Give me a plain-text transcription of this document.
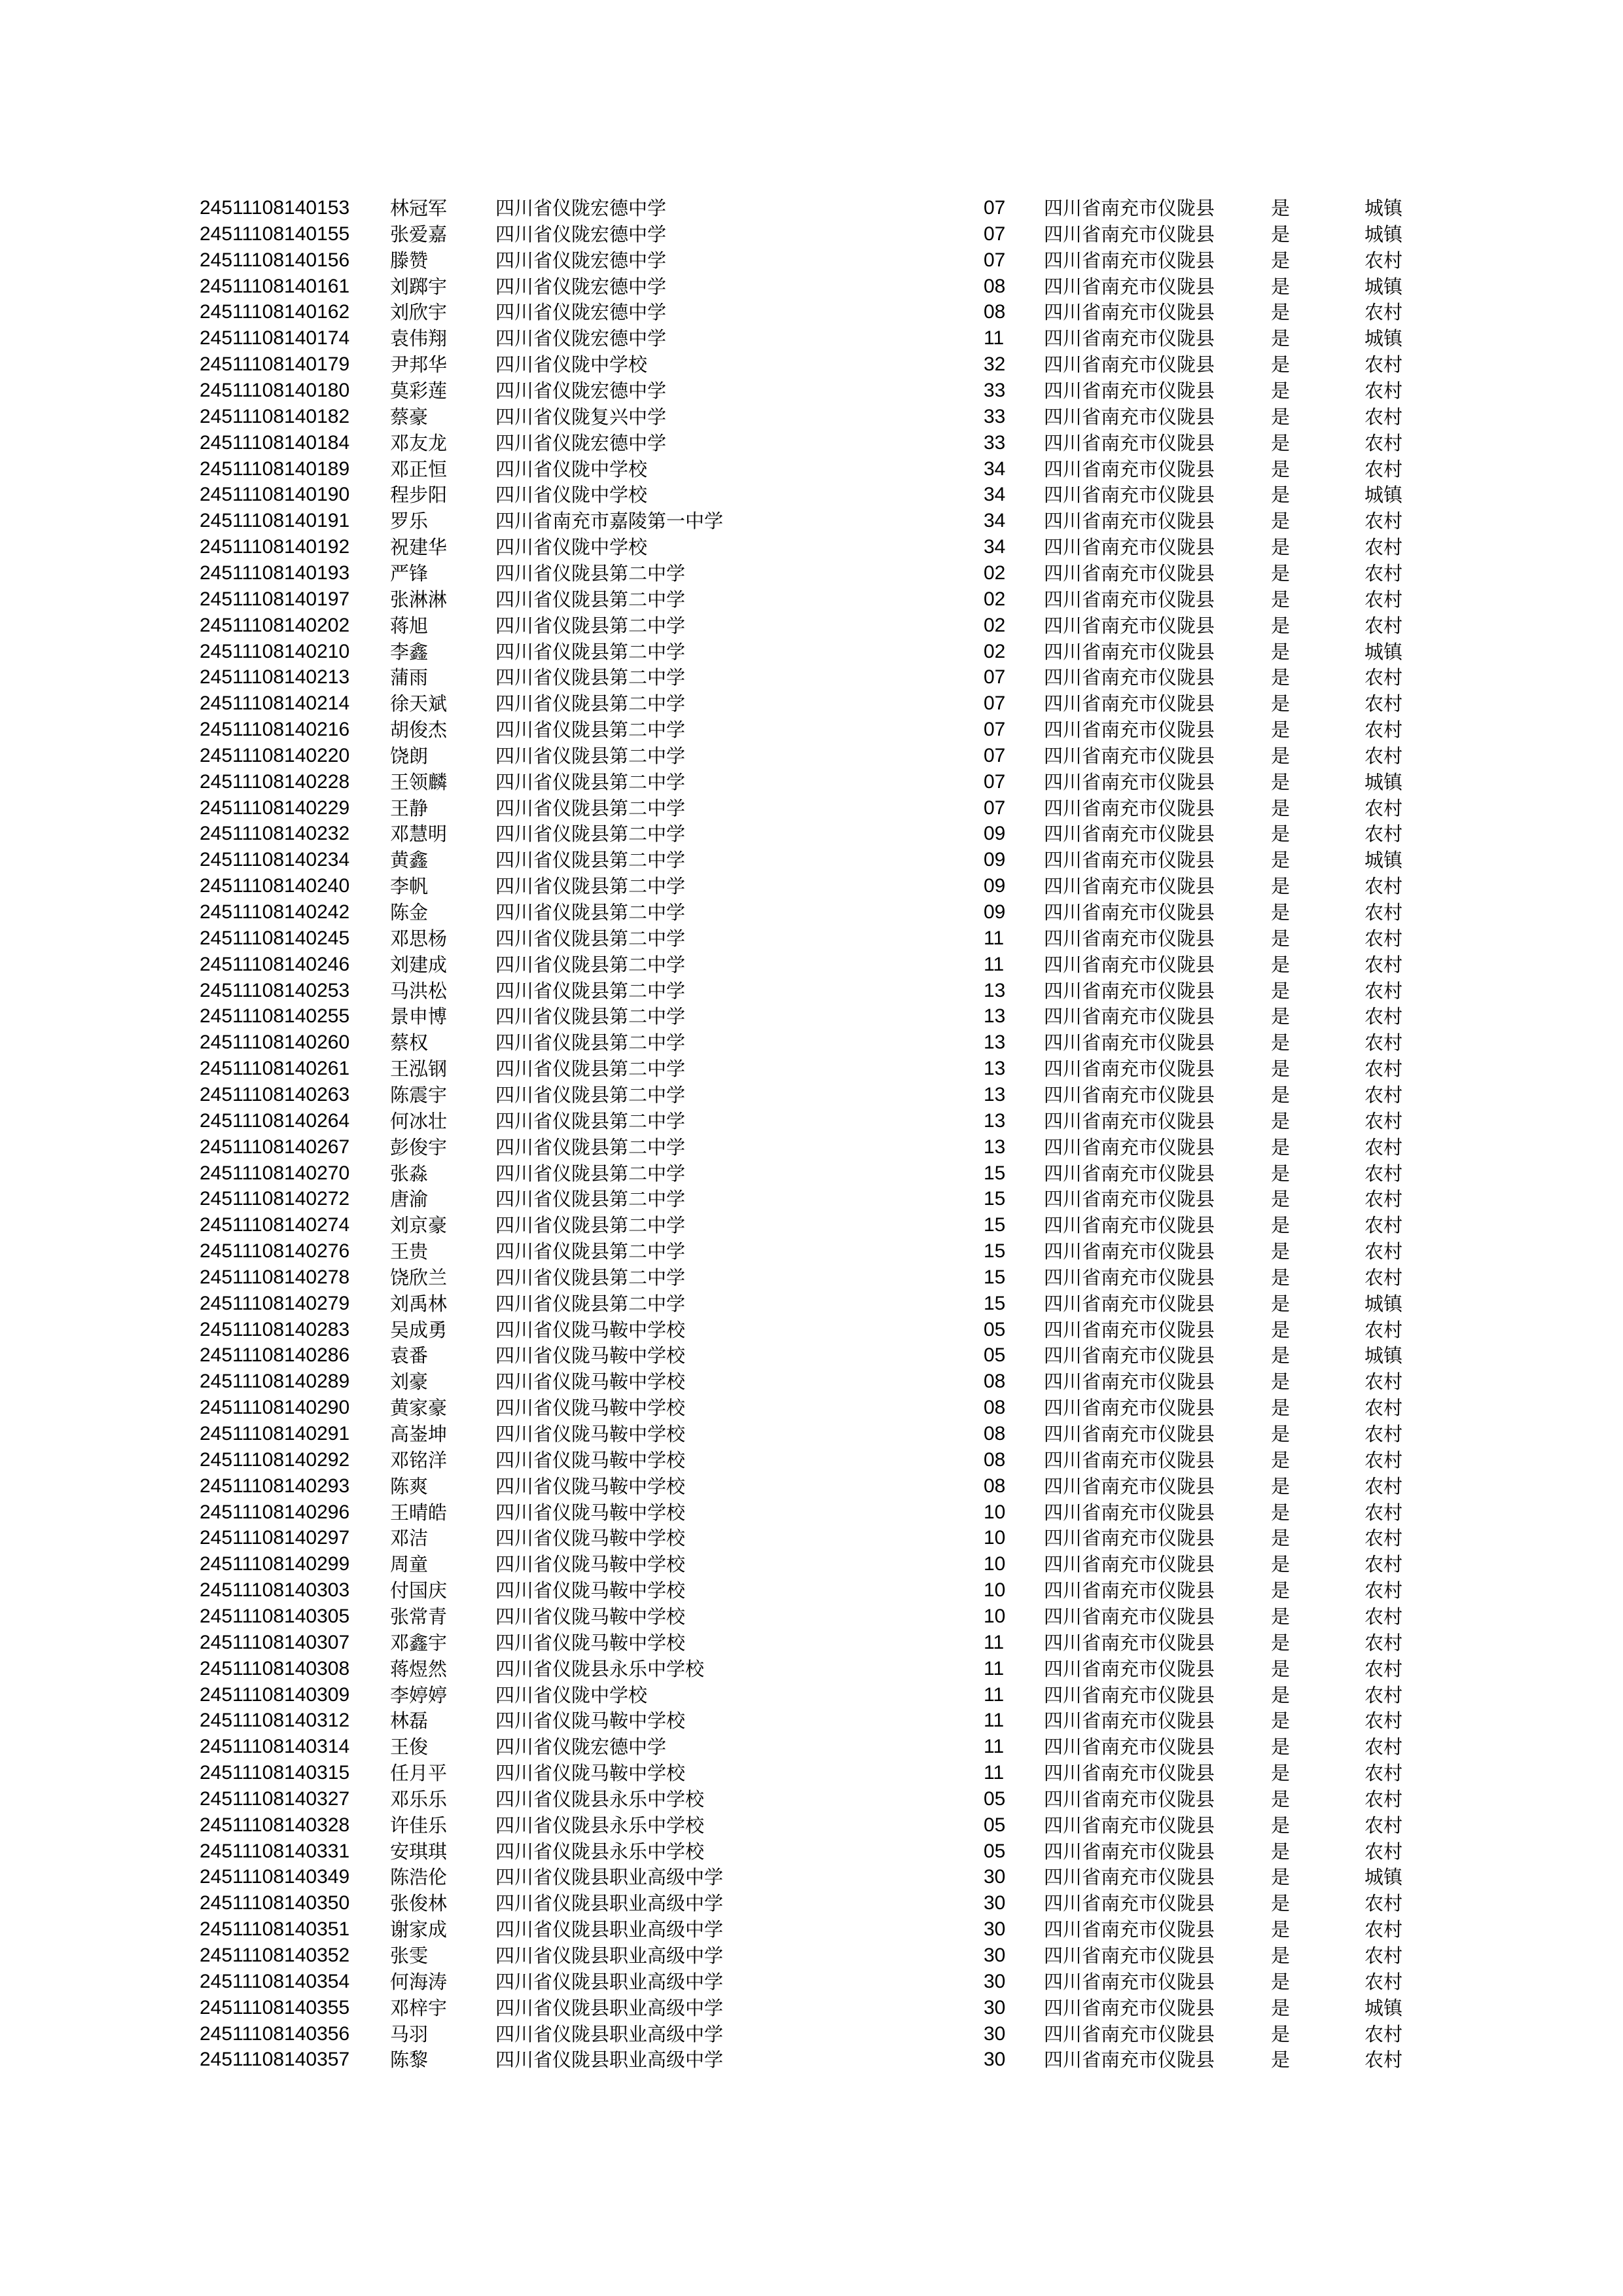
24511108140153 林冠军	四川省仪陇宏德中学	07 四川省南充市仪陇县	是	城镇
24511108140155 张爱嘉	四川省仪陇宏德中学	07 四川省南充市仪陇县	是	城镇
24511108140156 滕赞	四川省仪陇宏德中学	07 四川省南充市仪陇县	是	农村
24511108140161 刘踯宇	四川省仪陇宏德中学	08 四川省南充市仪陇县	是	城镇
24511108140162 刘欣宇	四川省仪陇宏德中学	08 四川省南充市仪陇县	是	农村
24511108140174 袁伟翔	四川省仪陇宏德中学	11 四川省南充市仪陇县	是	城镇
24511108140179 尹邦华	四川省仪陇中学校	32 四川省南充市仪陇县	是	农村
24511108140180 莫彩莲	四川省仪陇宏德中学	33 四川省南充市仪陇县	是	农村
24511108140182 蔡豪	四川省仪陇复兴中学	33 四川省南充市仪陇县	是	农村
24511108140184 邓友龙	四川省仪陇宏德中学	33 四川省南充市仪陇县	是	农村
24511108140189 邓正恒	四川省仪陇中学校	34 四川省南充市仪陇县	是	农村
24511108140190 程步阳	四川省仪陇中学校	34 四川省南充市仪陇县	是	城镇
24511108140191 罗乐	四川省南充市嘉陵第一中学	34 四川省南充市仪陇县	是	农村
24511108140192 祝建华	四川省仪陇中学校	34 四川省南充市仪陇县	是	农村
24511108140193 严锋	四川省仪陇县第二中学	02 四川省南充市仪陇县	是	农村
24511108140197 张淋淋	四川省仪陇县第二中学	02 四川省南充市仪陇县	是	农村
24511108140202 蒋旭	四川省仪陇县第二中学	02 四川省南充市仪陇县	是	农村
24511108140210 李鑫	四川省仪陇县第二中学	02 四川省南充市仪陇县	是	城镇
24511108140213 蒲雨	四川省仪陇县第二中学	07 四川省南充市仪陇县	是	农村
24511108140214 徐天斌	四川省仪陇县第二中学	07 四川省南充市仪陇县	是	农村
24511108140216 胡俊杰	四川省仪陇县第二中学	07 四川省南充市仪陇县	是	农村
24511108140220 饶朗	四川省仪陇县第二中学	07 四川省南充市仪陇县	是	农村
24511108140228 王领麟	四川省仪陇县第二中学	07 四川省南充市仪陇县	是	城镇
24511108140229 王静	四川省仪陇县第二中学	07 四川省南充市仪陇县	是	农村
24511108140232 邓慧明	四川省仪陇县第二中学	09 四川省南充市仪陇县	是	农村
24511108140234 黄鑫	四川省仪陇县第二中学	09 四川省南充市仪陇县	是	城镇
24511108140240 李帆	四川省仪陇县第二中学	09 四川省南充市仪陇县	是	农村
24511108140242 陈金	四川省仪陇县第二中学	09 四川省南充市仪陇县	是	农村
24511108140245 邓思杨	四川省仪陇县第二中学	11 四川省南充市仪陇县	是	农村
24511108140246 刘建成	四川省仪陇县第二中学	11 四川省南充市仪陇县	是	农村
24511108140253 马洪松	四川省仪陇县第二中学	13 四川省南充市仪陇县	是	农村
24511108140255 景申博	四川省仪陇县第二中学	13 四川省南充市仪陇县	是	农村
24511108140260 蔡权	四川省仪陇县第二中学	13 四川省南充市仪陇县	是	农村
24511108140261 王泓钢	四川省仪陇县第二中学	13 四川省南充市仪陇县	是	农村
24511108140263 陈震宇	四川省仪陇县第二中学	13 四川省南充市仪陇县	是	农村
24511108140264 何冰壮	四川省仪陇县第二中学	13 四川省南充市仪陇县	是	农村
24511108140267 彭俊宇	四川省仪陇县第二中学	13 四川省南充市仪陇县	是	农村
24511108140270 张淼	四川省仪陇县第二中学	15 四川省南充市仪陇县	是	农村
24511108140272 唐渝	四川省仪陇县第二中学	15 四川省南充市仪陇县	是	农村
24511108140274 刘京豪	四川省仪陇县第二中学	15 四川省南充市仪陇县	是	农村
24511108140276 王贵	四川省仪陇县第二中学	15 四川省南充市仪陇县	是	农村
24511108140278 饶欣兰	四川省仪陇县第二中学	15 四川省南充市仪陇县	是	农村
24511108140279 刘禹林	四川省仪陇县第二中学	15 四川省南充市仪陇县	是	城镇
24511108140283 吴成勇	四川省仪陇马鞍中学校	05 四川省南充市仪陇县	是	农村
24511108140286 袁番	四川省仪陇马鞍中学校	05 四川省南充市仪陇县	是	城镇
24511108140289 刘豪	四川省仪陇马鞍中学校	08 四川省南充市仪陇县	是	农村
24511108140290 黄家豪	四川省仪陇马鞍中学校	08 四川省南充市仪陇县	是	农村
24511108140291 高崟坤	四川省仪陇马鞍中学校	08 四川省南充市仪陇县	是	农村
24511108140292 邓铭洋	四川省仪陇马鞍中学校	08 四川省南充市仪陇县	是	农村
24511108140293 陈爽	四川省仪陇马鞍中学校	08 四川省南充市仪陇县	是	农村
24511108140296 王晴皓	四川省仪陇马鞍中学校	10 四川省南充市仪陇县	是	农村
24511108140297 邓洁	四川省仪陇马鞍中学校	10 四川省南充市仪陇县	是	农村
24511108140299 周童	四川省仪陇马鞍中学校	10 四川省南充市仪陇县	是	农村
24511108140303 付国庆	四川省仪陇马鞍中学校	10 四川省南充市仪陇县	是	农村
24511108140305 张常青	四川省仪陇马鞍中学校	10 四川省南充市仪陇县	是	农村
24511108140307 邓鑫宇	四川省仪陇马鞍中学校	11 四川省南充市仪陇县	是	农村
24511108140308 蒋煜然	四川省仪陇县永乐中学校	11 四川省南充市仪陇县	是	农村
24511108140309 李婷婷	四川省仪陇中学校	11 四川省南充市仪陇县	是	农村
24511108140312 林磊	四川省仪陇马鞍中学校	11 四川省南充市仪陇县	是	农村
24511108140314 王俊	四川省仪陇宏德中学	11 四川省南充市仪陇县	是	农村
24511108140315 任月平	四川省仪陇马鞍中学校	11 四川省南充市仪陇县	是	农村
24511108140327 邓乐乐	四川省仪陇县永乐中学校	05 四川省南充市仪陇县	是	农村
24511108140328 许佳乐	四川省仪陇县永乐中学校	05 四川省南充市仪陇县	是	农村
24511108140331 安琪琪	四川省仪陇县永乐中学校	05 四川省南充市仪陇县	是	农村
24511108140349 陈浩伦	四川省仪陇县职业高级中学	30 四川省南充市仪陇县	是	城镇
24511108140350 张俊林	四川省仪陇县职业高级中学	30 四川省南充市仪陇县	是	农村
24511108140351 谢家成	四川省仪陇县职业高级中学	30 四川省南充市仪陇县	是	农村
24511108140352 张雯	四川省仪陇县职业高级中学	30 四川省南充市仪陇县	是	农村
24511108140354 何海涛	四川省仪陇县职业高级中学	30 四川省南充市仪陇县	是	农村
24511108140355 邓梓宇	四川省仪陇县职业高级中学	30 四川省南充市仪陇县	是	城镇
24511108140356 马羽	四川省仪陇县职业高级中学	30 四川省南充市仪陇县	是	农村
24511108140357 陈黎	四川省仪陇县职业高级中学	30 四川省南充市仪陇县	是	农村
